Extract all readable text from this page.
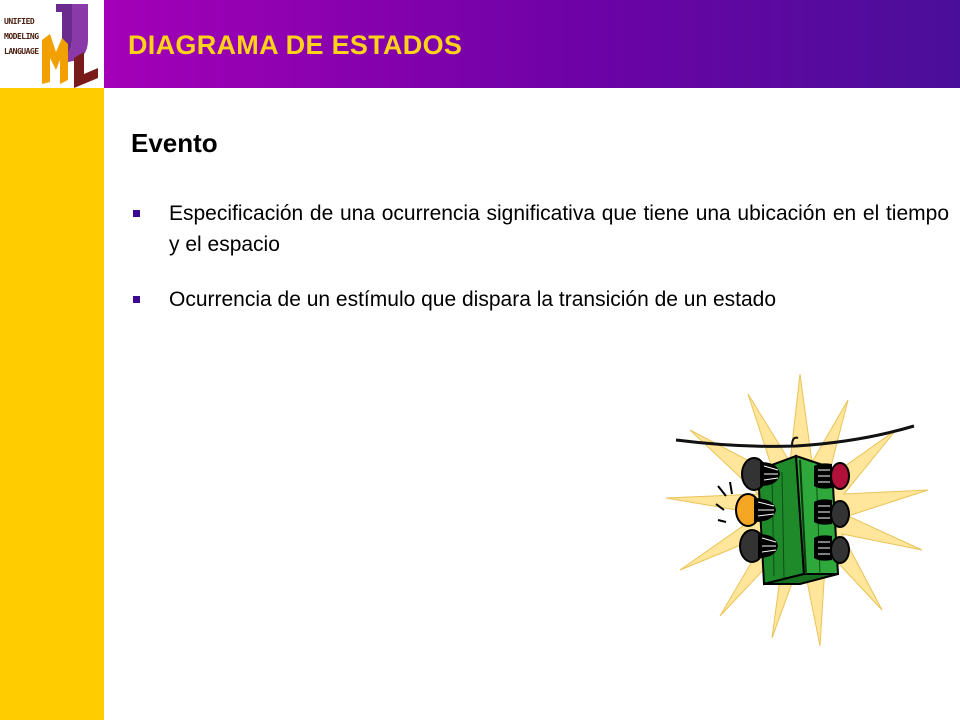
UNIFIED
MODELING
LANGUAGE	DIAGRAMA DE ESTADOS
Evento
Especificación de una ocurrencia significativa que tiene una ubicación en el tiempo y el espacio
Ocurrencia de un estímulo que dispara la transición de un estado
